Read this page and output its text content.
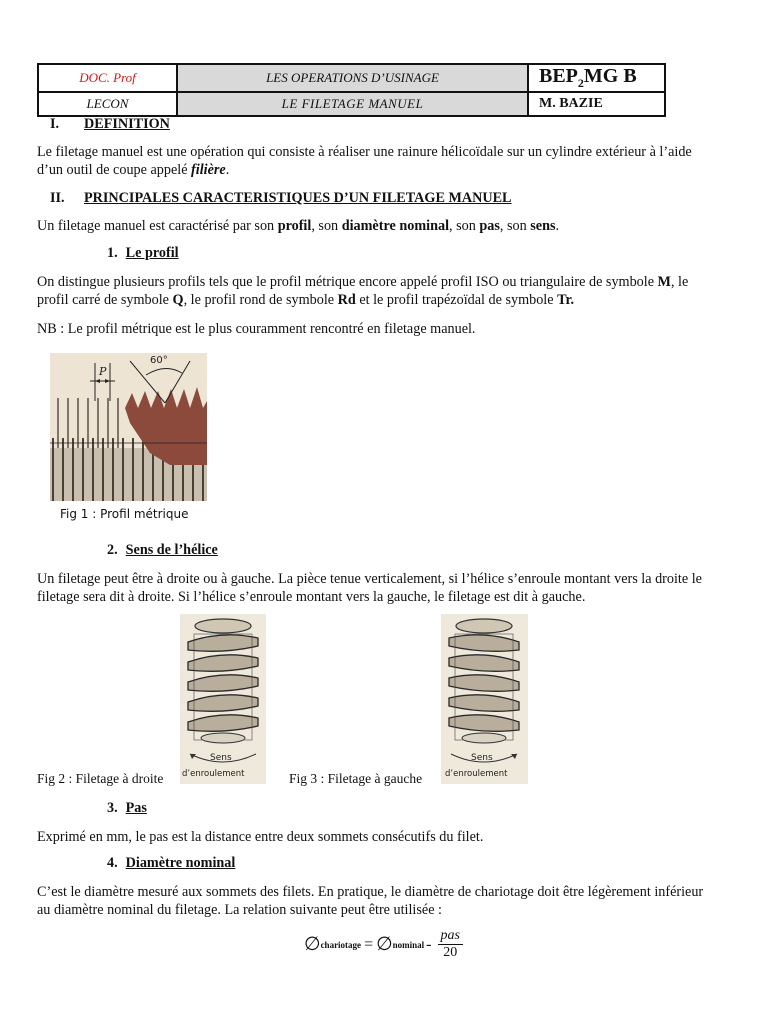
DOC. Prof	LES OPERATIONS D’USINAGE	$BEP_2MG$ B
LECON	LE FILETAGE MANUEL	M. BAZIE
I. DEFINITION

Le filetage manuel est une opération qui consiste à réaliser une rainure hélicoïdale sur un cylindre extérieur à l’aide d’un outil de coupe appelé filière.

II. PRINCIPALES CARACTERISTIQUES D’UN FILETAGE MANUEL

Un filetage manuel est caractérisé par son profil, son diamètre nominal, son pas, son sens.

1. Le profil

On distingue plusieurs profils tels que le profil métrique encore appelé profil ISO ou triangulaire de symbole M, le profil carré de symbole Q, le profil rond de symbole Rd et le profil trapézoïdal de symbole Tr.

NB : Le profil métrique est le plus couramment rencontré en filetage manuel.

60°
P
Fig 1 : Profil métrique
2. Sens de l’hélice

Un filetage peut être à droite ou à gauche. La pièce tenue verticalement, si l’hélice s’enroule montant vers la droite le filetage sera dit à droite. Si l’hélice s’enroule montant vers la gauche, le filetage est dit à gauche.

Sens
d’enroulement
Fig 2 : Filetage à droite
Sens
d’enroulement
Fig 3 : Filetage à gauche
3. Pas

Exprimé en mm, le pas est la distance entre deux sommets consécutifs du filet.

4. Diamètre nominal

C’est le diamètre mesuré aux sommets des filets. En pratique, le diamètre de chariotage doit être légèrement inférieur au diamètre nominal du filetage. La relation suivante peut être utilisée :

∅ chariotage = ∅ nominal - $\frac{\text{pas}}{20}$
